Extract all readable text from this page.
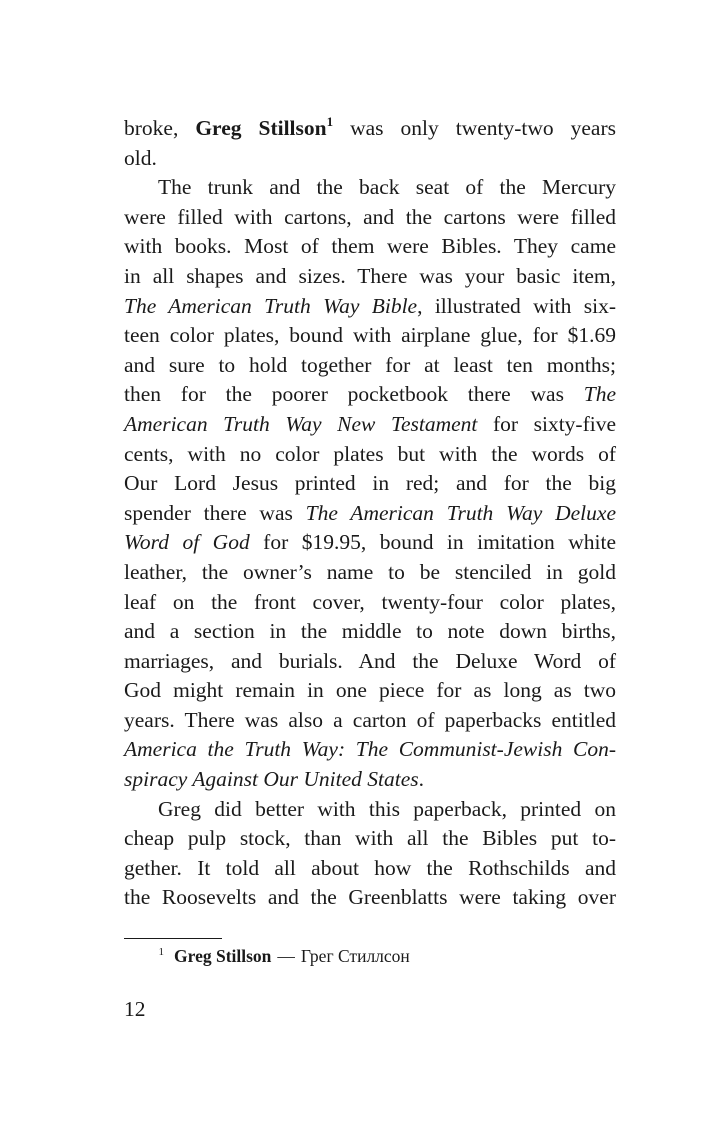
broke, Greg Stillson$^1$ was only twenty-two years
old.
The trunk and the back seat of the Mercury
were filled with cartons, and the cartons were filled
with books. Most of them were Bibles. They came
in all shapes and sizes. There was your basic item,
The American Truth Way Bible, illustrated with six-
teen color plates, bound with airplane glue, for $1.69
and sure to hold together for at least ten months;
then for the poorer pocketbook there was The
American Truth Way New Testament for sixty-five
cents, with no color plates but with the words of
Our Lord Jesus printed in red; and for the big
spender there was The American Truth Way Deluxe
Word of God for $19.95, bound in imitation white
leather, the owner’s name to be stenciled in gold
leaf on the front cover, twenty-four color plates,
and a section in the middle to note down births,
marriages, and burials. And the Deluxe Word of
God might remain in one piece for as long as two
years. There was also a carton of paperbacks entitled
America the Truth Way: The Communist-Jewish Con-
spiracy Against Our United States.
Greg did better with this paperback, printed on
cheap pulp stock, than with all the Bibles put to-
gether. It told all about how the Rothschilds and
the Roosevelts and the Greenblatts were taking over
1 Greg Stillson — Грег Стиллсон
12
